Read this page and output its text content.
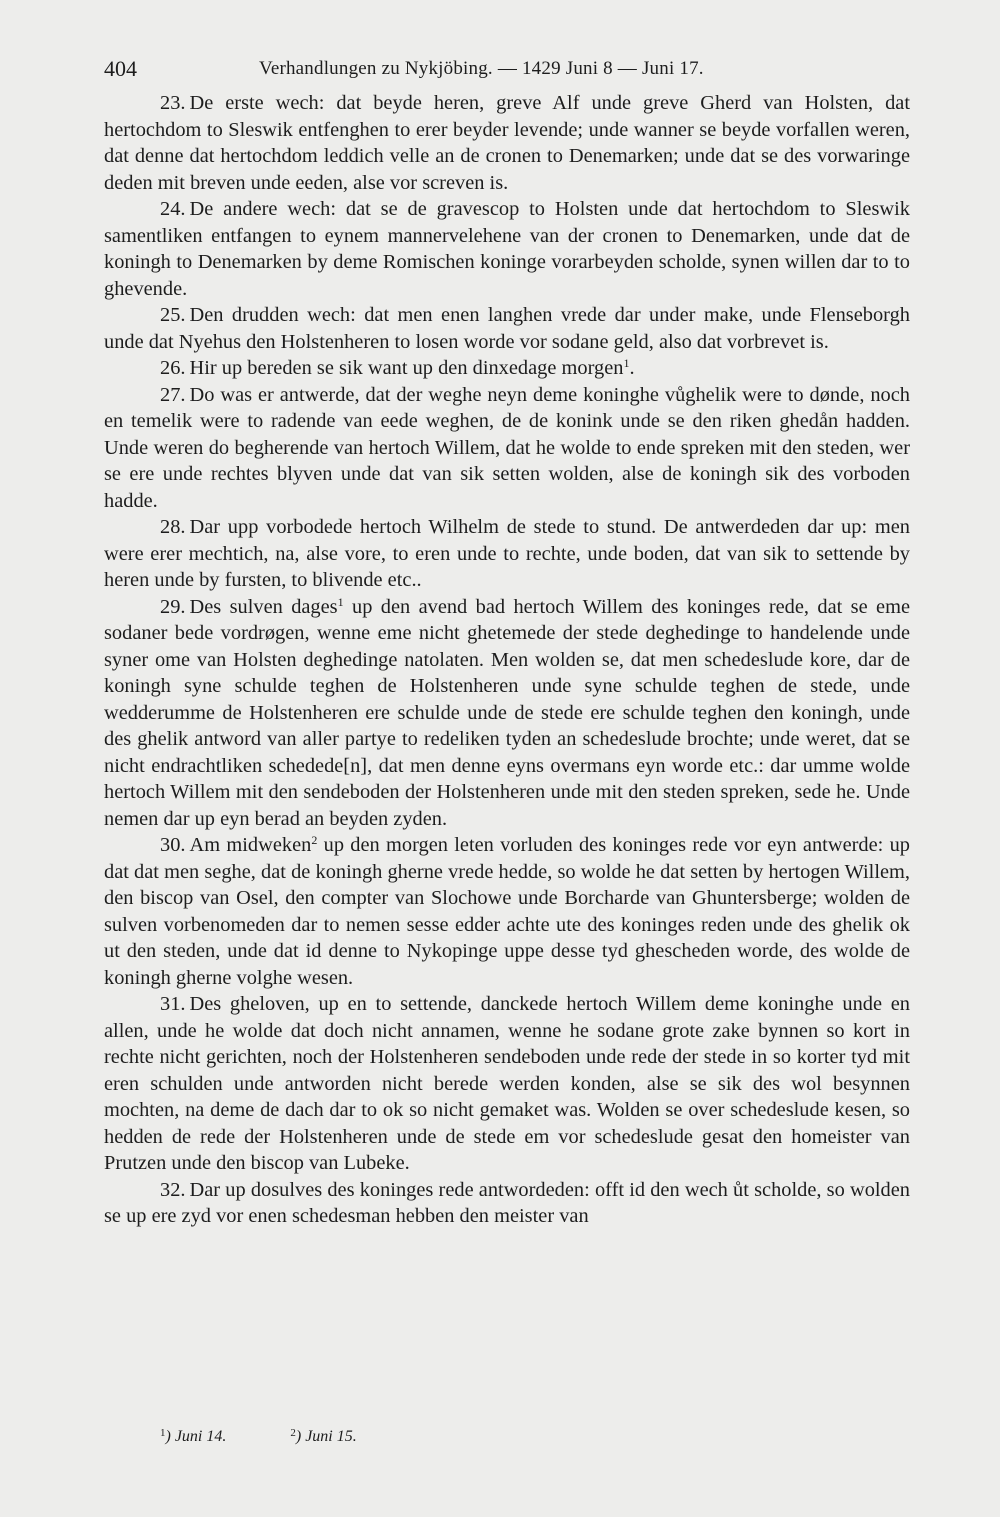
404	Verhandlungen zu Nykjöbing. — 1429 Juni 8 — Juni 17.

23. De erste wech: dat beyde heren, greve Alf unde greve Gherd van Holsten, dat hertochdom to Sleswik entfenghen to erer beyder levende; unde wanner se beyde vorfallen weren, dat denne dat hertochdom leddich velle an de cronen to Denemarken; unde dat se des vorwaringe deden mit breven unde eeden, alse vor screven is.

24. De andere wech: dat se de gravescop to Holsten unde dat hertochdom to Sleswik samentliken entfangen to eynem mannervelehene van der cronen to Denemarken, unde dat de koningh to Denemarken by deme Romischen koninge vorarbeyden scholde, synen willen dar to to ghevende.

25. Den drudden wech: dat men enen langhen vrede dar under make, unde Flenseborgh unde dat Nyehus den Holstenheren to losen worde vor sodane geld, also dat vorbrevet is.

26. Hir up bereden se sik want up den dinxedage morgen$^1$.

27. Do was er antwerde, dat der weghe neyn deme koninghe vůghelik were to dønde, noch en temelik were to radende van eede weghen, de de konink unde se den riken ghedån hadden. Unde weren do begherende van hertoch Willem, dat he wolde to ende spreken mit den steden, wer se ere unde rechtes blyven unde dat van sik setten wolden, alse de koningh sik des vorboden hadde.

28. Dar upp vorbodede hertoch Wilhelm de stede to stund. De antwerdeden dar up: men were erer mechtich, na, alse vore, to eren unde to rechte, unde boden, dat van sik to settende by heren unde by fursten, to blivende etc..

29. Des sulven dages$^1$ up den avend bad hertoch Willem des koninges rede, dat se eme sodaner bede vordrøgen, wenne eme nicht ghetemede der stede deghedinge to handelende unde syner ome van Holsten deghedinge natolaten. Men wolden se, dat men schedeslude kore, dar de koningh syne schulde teghen de Holstenheren unde syne schulde teghen de stede, unde wedderumme de Holstenheren ere schulde unde de stede ere schulde teghen den koningh, unde des ghelik antword van aller partye to redeliken tyden an schedeslude brochte; unde weret, dat se nicht endrachtliken schedede[n], dat men denne eyns overmans eyn worde etc.: dar umme wolde hertoch Willem mit den sendeboden der Holstenheren unde mit den steden spreken, sede he. Unde nemen dar up eyn berad an beyden zyden.

30. Am midweken$^2$ up den morgen leten vorluden des koninges rede vor eyn antwerde: up dat dat men seghe, dat de koningh gherne vrede hedde, so wolde he dat setten by hertogen Willem, den biscop van Osel, den compter van Slochowe unde Borcharde van Ghuntersberge; wolden de sulven vorbenomeden dar to nemen sesse edder achte ute des koninges reden unde des ghelik ok ut den steden, unde dat id denne to Nykopinge uppe desse tyd ghescheden worde, des wolde de koningh gherne volghe wesen.

31. Des gheloven, up en to settende, danckede hertoch Willem deme koninghe unde en allen, unde he wolde dat doch nicht annamen, wenne he sodane grote zake bynnen so kort in rechte nicht gerichten, noch der Holstenheren sendeboden unde rede der stede in so korter tyd mit eren schulden unde antworden nicht berede werden konden, alse se sik des wol besynnen mochten, na deme de dach dar to ok so nicht gemaket was. Wolden se over schedeslude kesen, so hedden de rede der Holstenheren unde de stede em vor schedeslude gesat den homeister van Prutzen unde den biscop van Lubeke.

32. Dar up dosulves des koninges rede antwordeden: offt id den wech ůt scholde, so wolden se up ere zyd vor enen schedesman hebben den meister van

$^1$) Juni 14.	$^2$) Juni 15.
